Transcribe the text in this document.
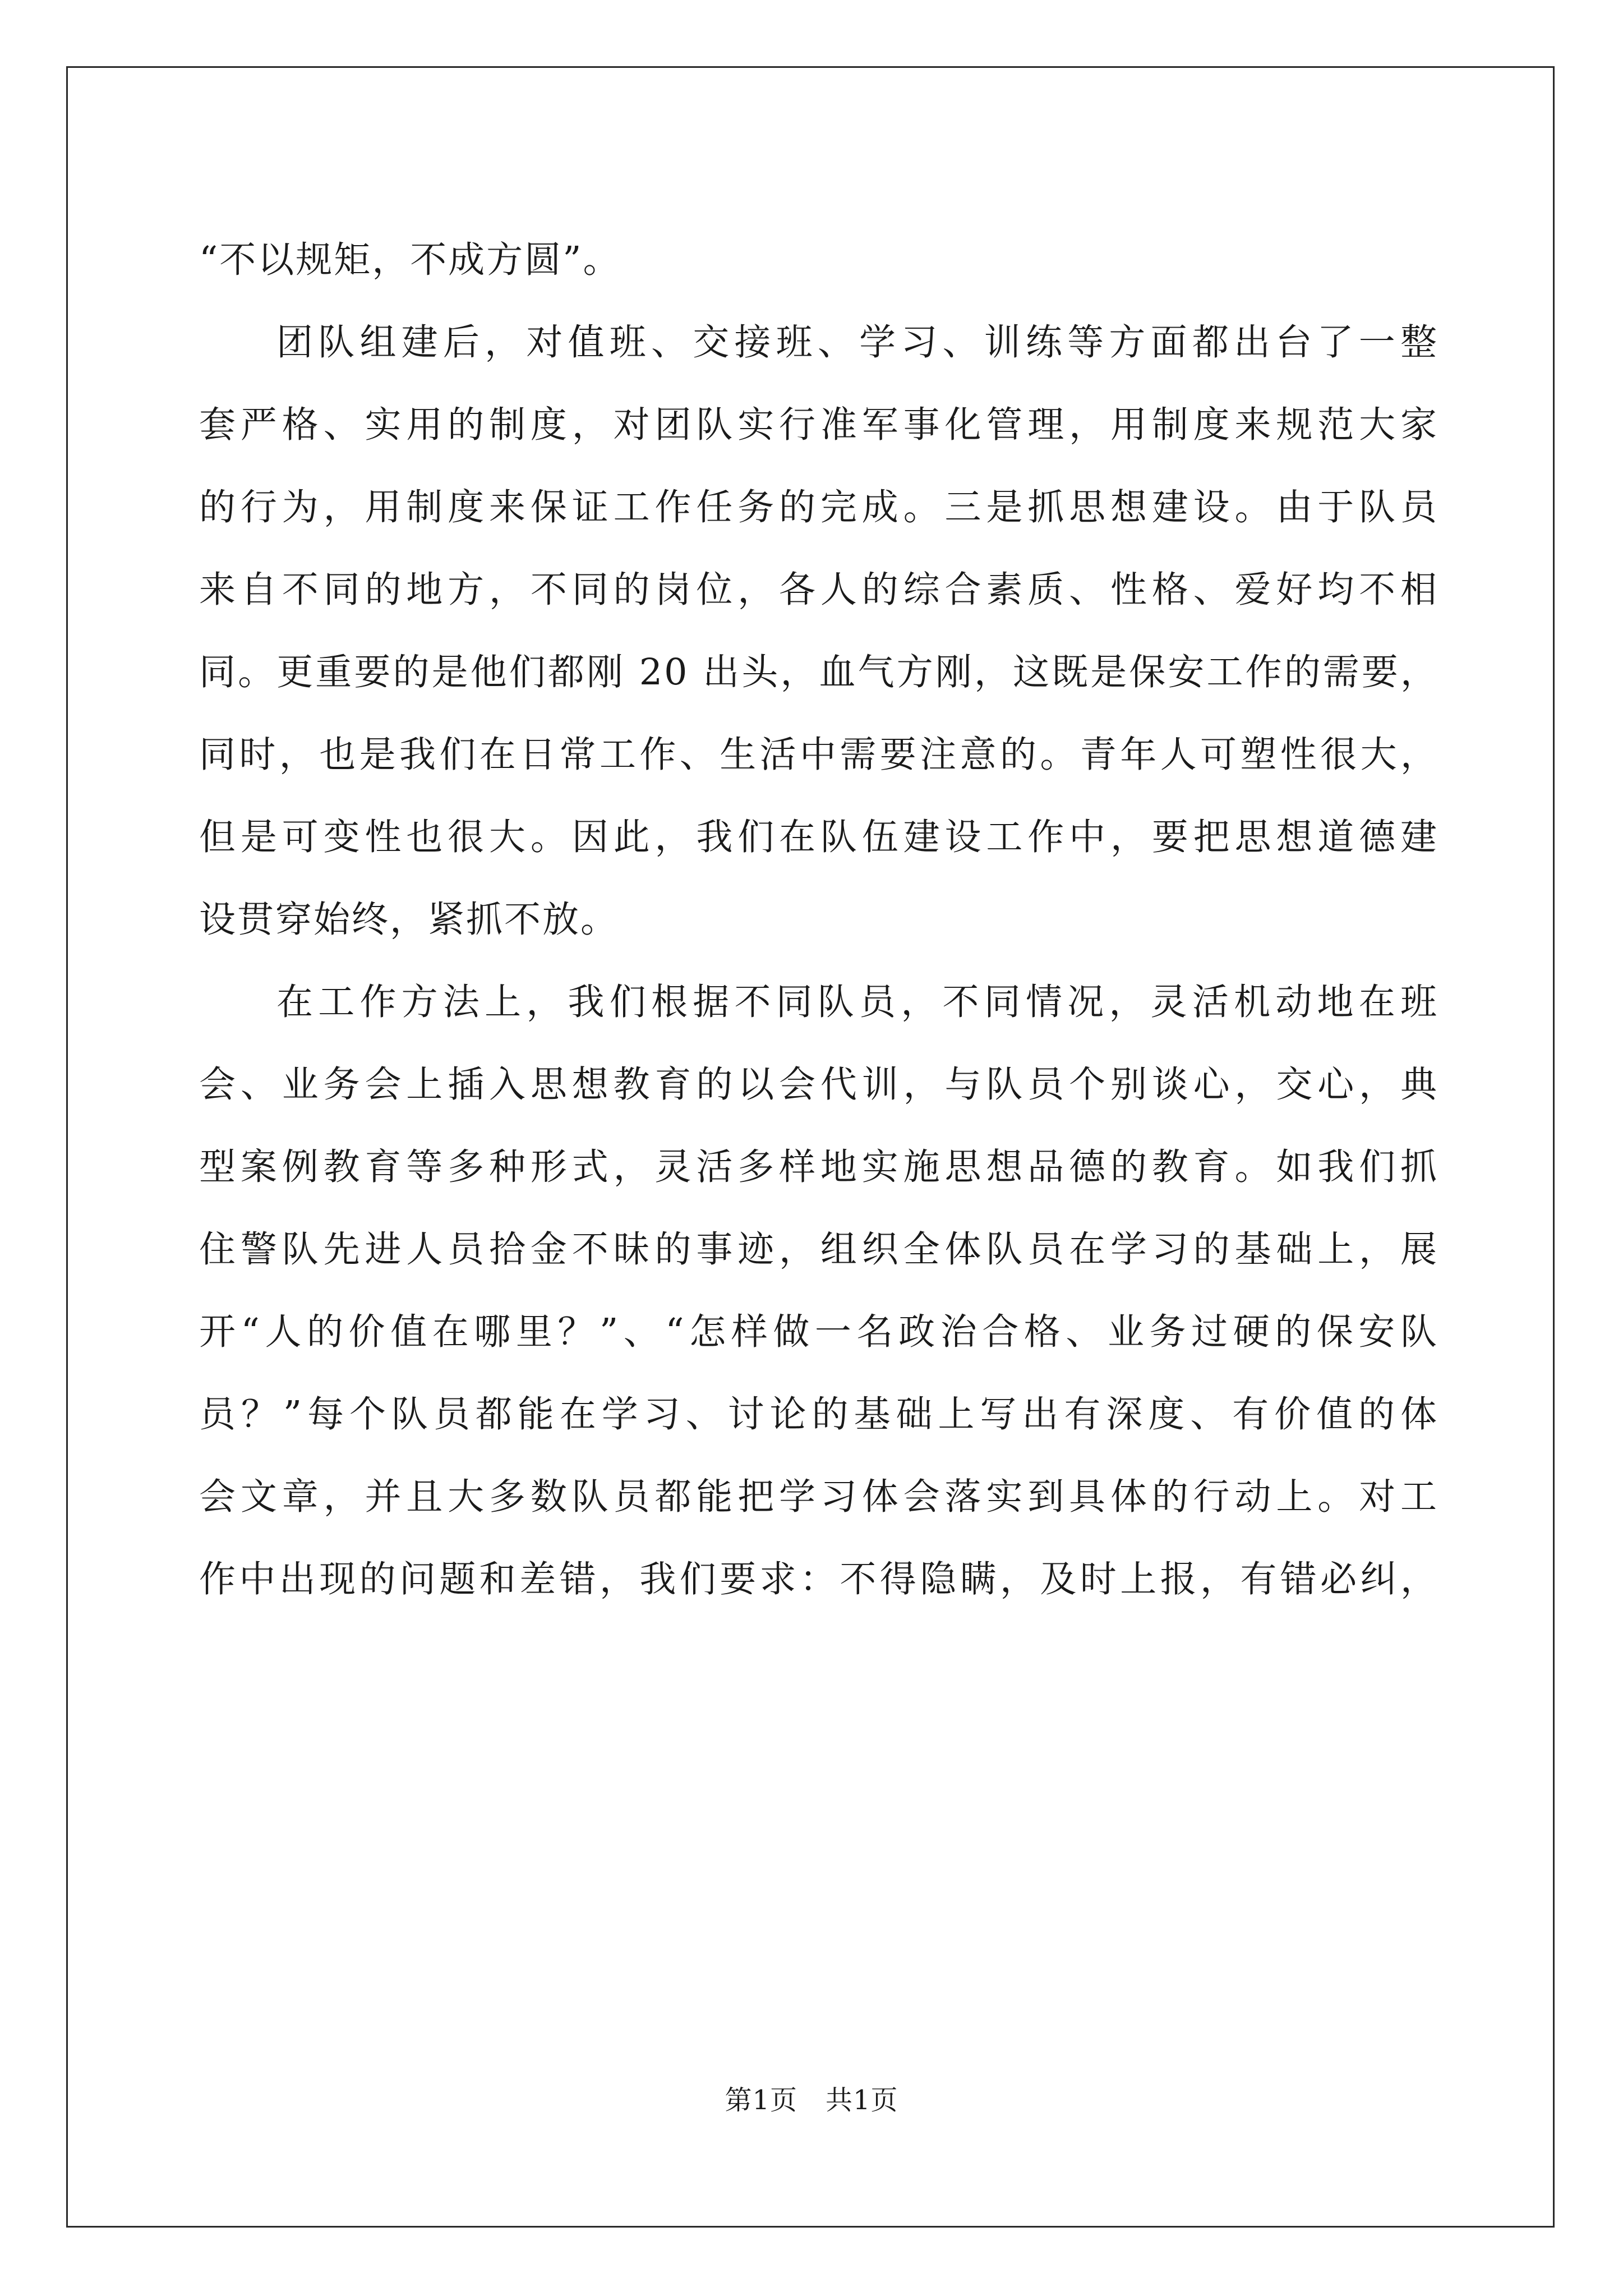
“不以规矩，不成方圆”。
团队组建后，对值班、交接班、学习、训练等方面都出台了一整
套严格、实用的制度，对团队实行准军事化管理，用制度来规范大家
的行为，用制度来保证工作任务的完成。三是抓思想建设。由于队员
来自不同的地方，不同的岗位，各人的综合素质、性格、爱好均不相
同。更重要的是他们都刚 20 出头，血气方刚，这既是保安工作的需要，
同时，也是我们在日常工作、生活中需要注意的。青年人可塑性很大，
但是可变性也很大。因此，我们在队伍建设工作中，要把思想道德建
设贯穿始终，紧抓不放。
在工作方法上，我们根据不同队员，不同情况，灵活机动地在班
会、业务会上插入思想教育的以会代训，与队员个别谈心，交心，典
型案例教育等多种形式，灵活多样地实施思想品德的教育。如我们抓
住警队先进人员拾金不昧的事迹，组织全体队员在学习的基础上，展
开“人的价值在哪里？”、“怎样做一名政治合格、业务过硬的保安队
员？”每个队员都能在学习、讨论的基础上写出有深度、有价值的体
会文章，并且大多数队员都能把学习体会落实到具体的行动上。对工
作中出现的问题和差错，我们要求：不得隐瞒，及时上报，有错必纠，
第1页 共1页
